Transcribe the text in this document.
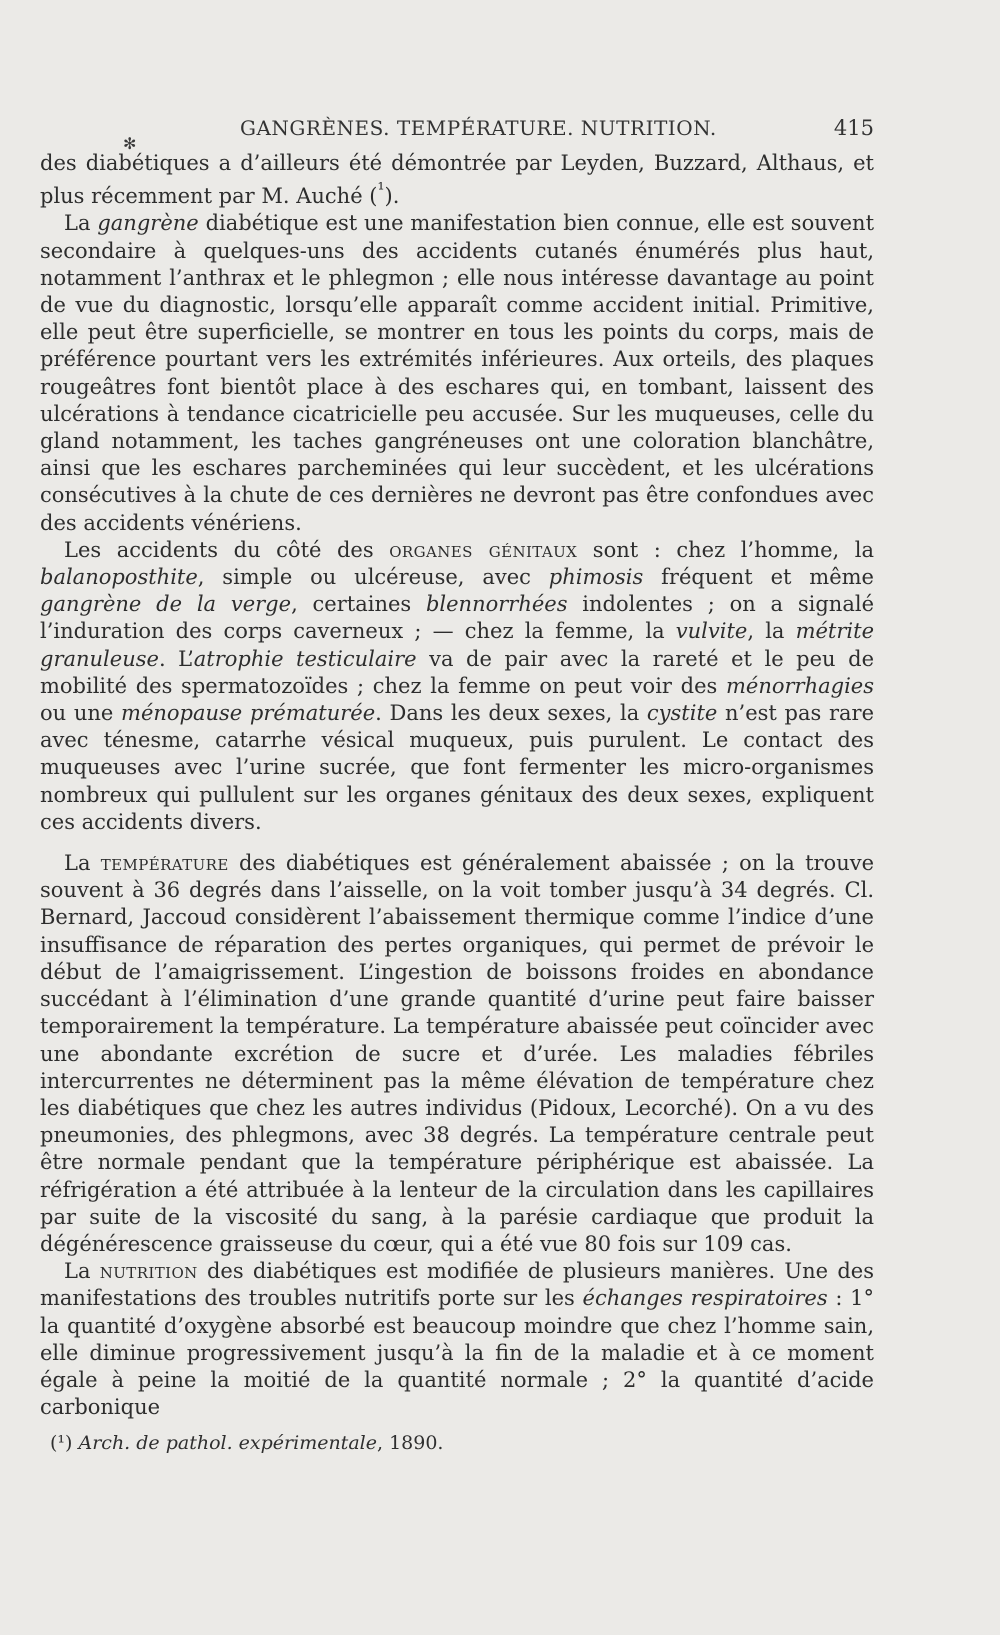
GANGRÈNES. TEMPÉRATURE. NUTRITION.	415
✻

des diabétiques a d’ailleurs été démontrée par Leyden, Buzzard, Althaus, et plus récemment par M. Auché ($^{^1}$).

La gangrène diabétique est une manifestation bien connue, elle est souvent secondaire à quelques-uns des accidents cutanés énumérés plus haut, notamment l’anthrax et le phlegmon ; elle nous intéresse davantage au point de vue du diagnostic, lorsqu’elle apparaît comme accident initial. Primitive, elle peut être superficielle, se montrer en tous les points du corps, mais de préférence pourtant vers les extrémités inférieures. Aux orteils, des plaques rougeâtres font bientôt place à des eschares qui, en tombant, laissent des ulcérations à tendance cicatricielle peu accusée. Sur les muqueuses, celle du gland notamment, les taches gangréneuses ont une coloration blanchâtre, ainsi que les eschares parcheminées qui leur succèdent, et les ulcérations consécutives à la chute de ces dernières ne devront pas être confondues avec des accidents vénériens.

Les accidents du côté des organes génitaux sont : chez l’homme, la balanoposthite, simple ou ulcéreuse, avec phimosis fréquent et même gangrène de la verge, certaines blennorrhées indolentes ; on a signalé l’induration des corps caverneux ; — chez la femme, la vulvite, la métrite granuleuse. L’atrophie testiculaire va de pair avec la rareté et le peu de mobilité des spermatozoïdes ; chez la femme on peut voir des ménorrhagies ou une ménopause prématurée. Dans les deux sexes, la cystite n’est pas rare avec ténesme, catarrhe vésical muqueux, puis purulent. Le contact des muqueuses avec l’urine sucrée, que font fermenter les micro-organismes nombreux qui pullulent sur les organes génitaux des deux sexes, expliquent ces accidents divers.

La température des diabétiques est généralement abaissée ; on la trouve souvent à 36 degrés dans l’aisselle, on la voit tomber jusqu’à 34 degrés. Cl. Bernard, Jaccoud considèrent l’abaissement thermique comme l’indice d’une insuffisance de réparation des pertes organiques, qui permet de prévoir le début de l’amaigrissement. L’ingestion de boissons froides en abondance succédant à l’élimination d’une grande quantité d’urine peut faire baisser temporairement la température. La température abaissée peut coïncider avec une abondante excrétion de sucre et d’urée. Les maladies fébriles intercurrentes ne déterminent pas la même élévation de température chez les diabétiques que chez les autres individus (Pidoux, Lecorché). On a vu des pneumonies, des phlegmons, avec 38 degrés. La température centrale peut être normale pendant que la température périphérique est abaissée. La réfrigération a été attribuée à la lenteur de la circulation dans les capillaires par suite de la viscosité du sang, à la parésie cardiaque que produit la dégénérescence graisseuse du cœur, qui a été vue 80 fois sur 109 cas.

La nutrition des diabétiques est modifiée de plusieurs manières. Une des manifestations des troubles nutritifs porte sur les échanges respiratoires : 1° la quantité d’oxygène absorbé est beaucoup moindre que chez l’homme sain, elle diminue progressivement jusqu’à la fin de la maladie et à ce moment égale à peine la moitié de la quantité normale ; 2° la quantité d’acide carbonique

(¹) Arch. de pathol. expérimentale, 1890.
